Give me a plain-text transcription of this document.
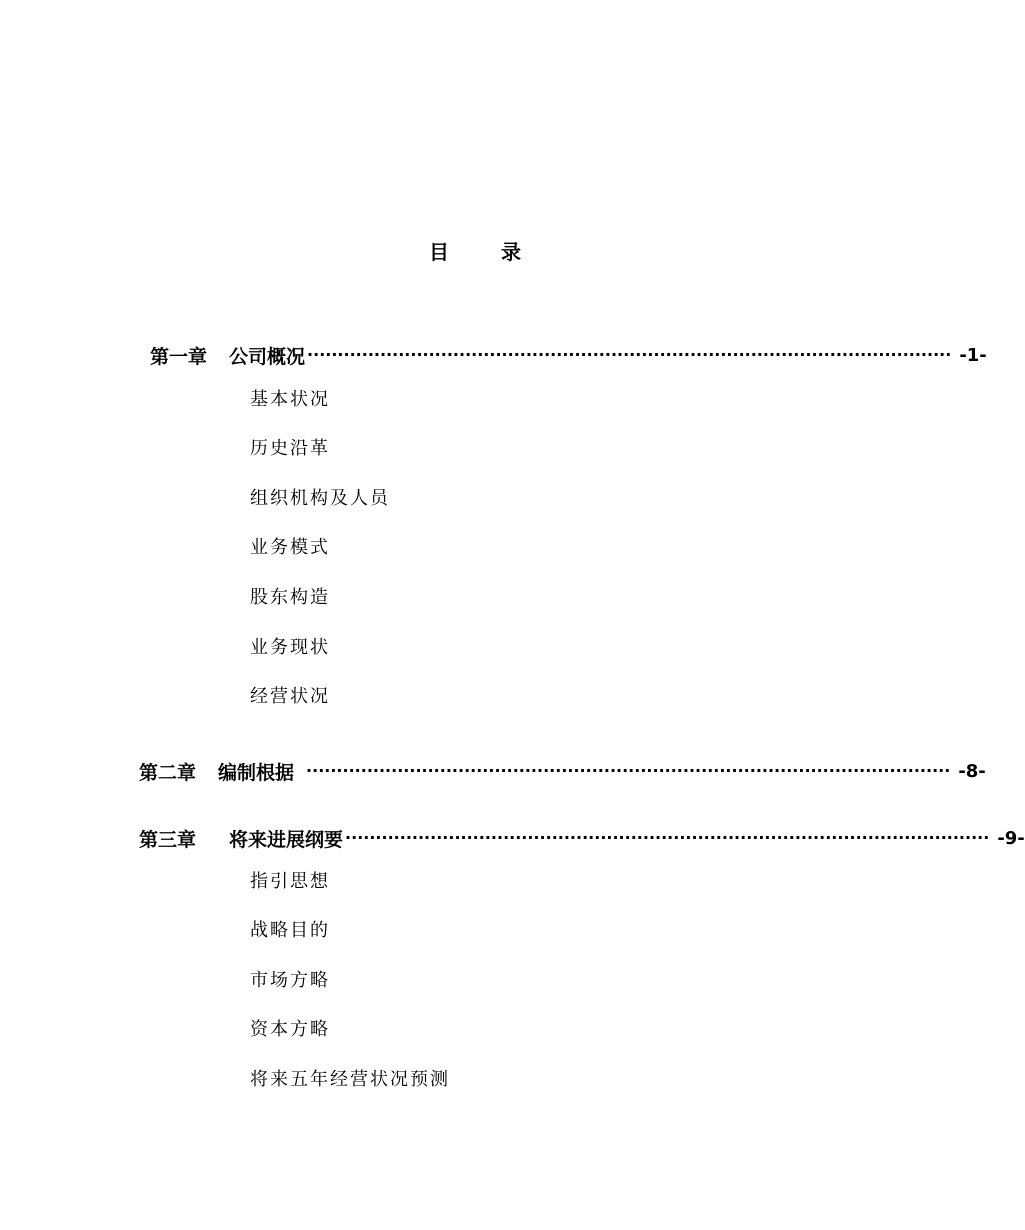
目	录
第一章 公司概况 ·········································································································· -1-
基本状况
历史沿革
组织机构及人员
业务模式
股东构造
业务现状
经营状况
第二章 编制根据 ·········································································································· -8-
第三章 将来进展纲要 ·········································································································· -9-
指引思想
战略目的
市场方略
资本方略
将来五年经营状况预测
